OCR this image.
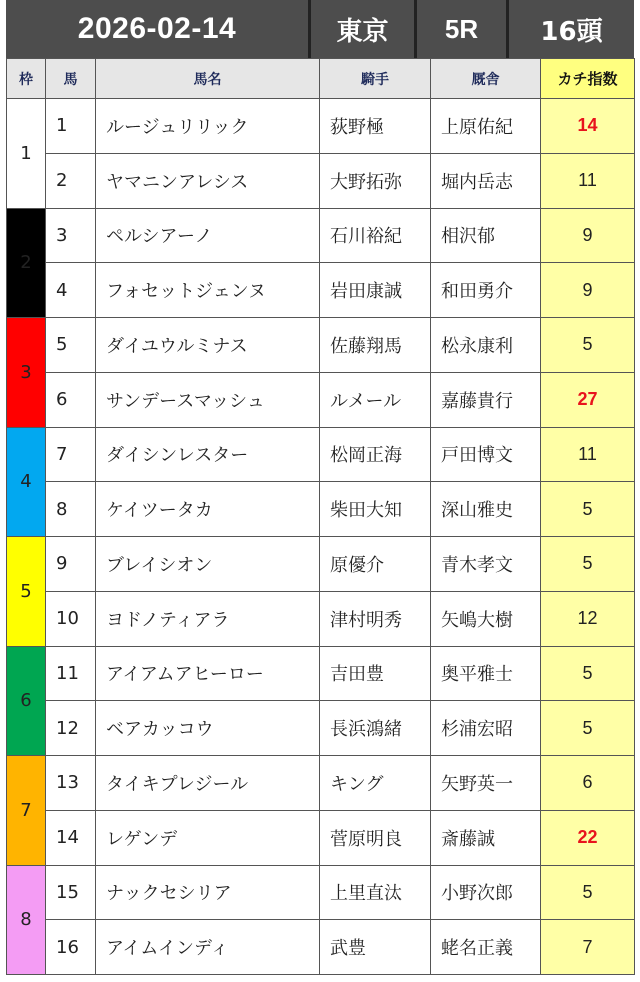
2026-02-14	東京	5R	16頭
枠	馬	馬名	騎手	厩舎	カチ指数
1	1	ルージュリリック	荻野極	上原佑紀	14
	2	ヤマニンアレシス	大野拓弥	堀内岳志	11
2	3	ペルシアーノ	石川裕紀	相沢郁	9
	4	フォセットジェンヌ	岩田康誠	和田勇介	9
3	5	ダイユウルミナス	佐藤翔馬	松永康利	5
	6	サンデースマッシュ	ルメール	嘉藤貴行	27
4	7	ダイシンレスター	松岡正海	戸田博文	11
	8	ケイツータカ	柴田大知	深山雅史	5
5	9	ブレイシオン	原優介	青木孝文	5
	10	ヨドノティアラ	津村明秀	矢嶋大樹	12
6	11	アイアムアヒーロー	吉田豊	奥平雅士	5
	12	ベアカッコウ	長浜鴻緒	杉浦宏昭	5
7	13	タイキプレジール	キング	矢野英一	6
	14	レゲンデ	菅原明良	斎藤誠	22
8	15	ナックセシリア	上里直汰	小野次郎	5
	16	アイムインディ	武豊	蛯名正義	7
